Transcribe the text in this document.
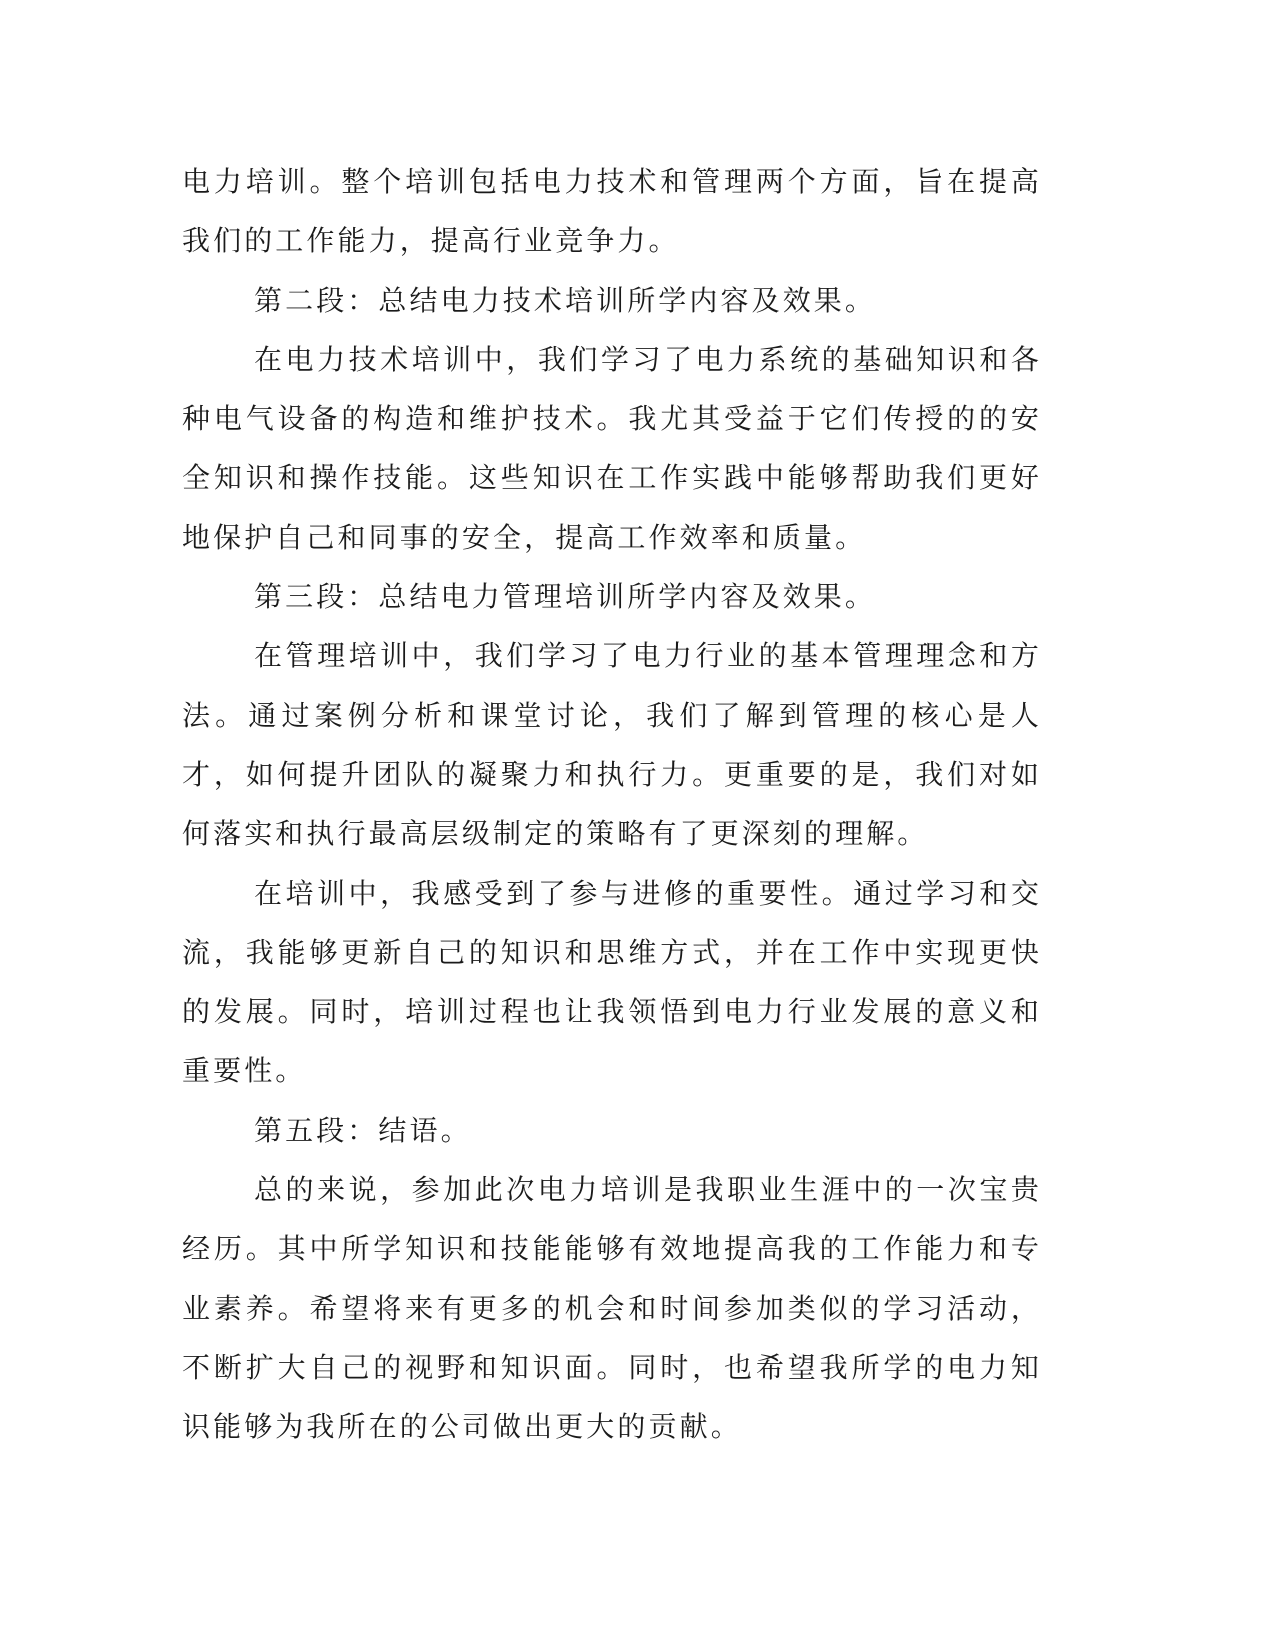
电力培训。整个培训包括电力技术和管理两个方面，旨在提高我们的工作能力，提高行业竞争力。

第二段：总结电力技术培训所学内容及效果。

在电力技术培训中，我们学习了电力系统的基础知识和各种电气设备的构造和维护技术。我尤其受益于它们传授的的安全知识和操作技能。这些知识在工作实践中能够帮助我们更好地保护自己和同事的安全，提高工作效率和质量。

第三段：总结电力管理培训所学内容及效果。

在管理培训中，我们学习了电力行业的基本管理理念和方法。通过案例分析和课堂讨论，我们了解到管理的核心是人才，如何提升团队的凝聚力和执行力。更重要的是，我们对如何落实和执行最高层级制定的策略有了更深刻的理解。

在培训中，我感受到了参与进修的重要性。通过学习和交流，我能够更新自己的知识和思维方式，并在工作中实现更快的发展。同时，培训过程也让我领悟到电力行业发展的意义和重要性。

第五段：结语。

总的来说，参加此次电力培训是我职业生涯中的一次宝贵经历。其中所学知识和技能能够有效地提高我的工作能力和专业素养。希望将来有更多的机会和时间参加类似的学习活动，不断扩大自己的视野和知识面。同时，也希望我所学的电力知识能够为我所在的公司做出更大的贡献。
